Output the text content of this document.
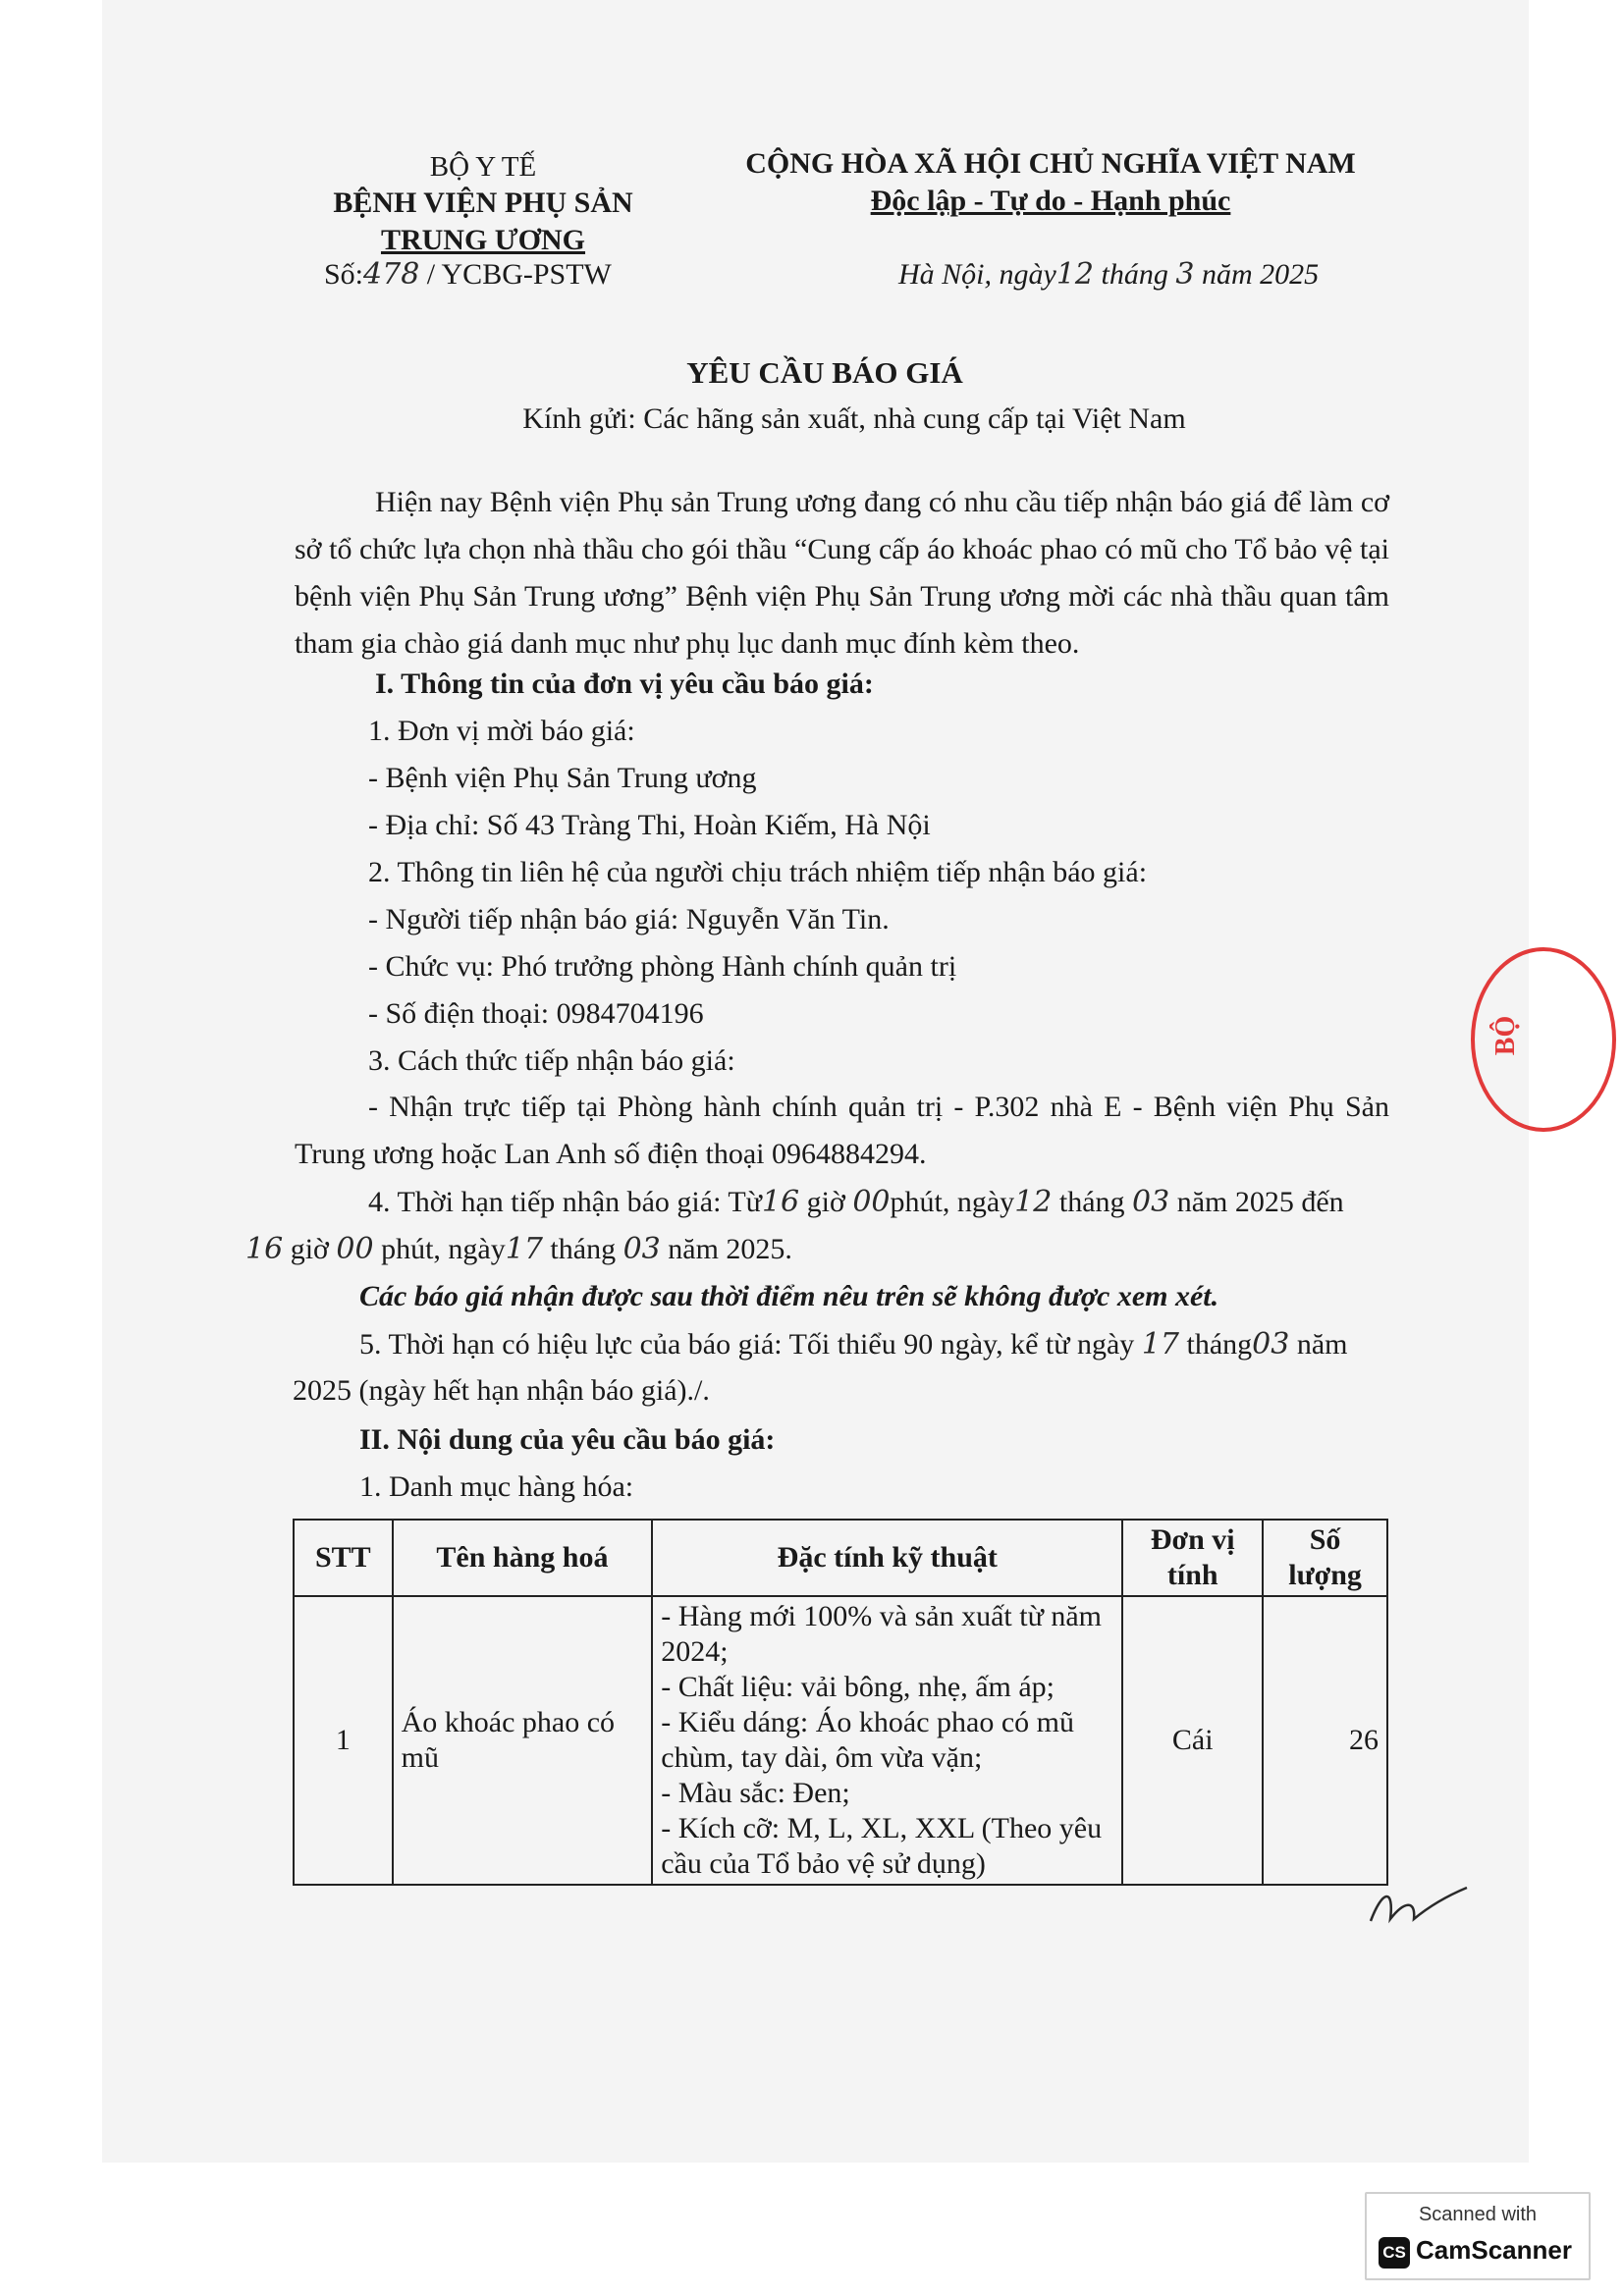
BỘ Y TẾ
BỆNH VIỆN PHỤ SẢN
TRUNG ƯƠNG
Số:478 / YCBG-PSTW
CỘNG HÒA XÃ HỘI CHỦ NGHĨA VIỆT NAM
Độc lập - Tự do - Hạnh phúc
Hà Nội, ngày12 tháng 3 năm 2025
YÊU CẦU BÁO GIÁ
Kính gửi: Các hãng sản xuất, nhà cung cấp tại Việt Nam
Hiện nay Bệnh viện Phụ sản Trung ương đang có nhu cầu tiếp nhận báo giá để làm cơ sở tổ chức lựa chọn nhà thầu cho gói thầu “Cung cấp áo khoác phao có mũ cho Tổ bảo vệ tại bệnh viện Phụ Sản Trung ương” Bệnh viện Phụ Sản Trung ương mời các nhà thầu quan tâm tham gia chào giá danh mục như phụ lục danh mục đính kèm theo.
I. Thông tin của đơn vị yêu cầu báo giá:
1. Đơn vị mời báo giá:
- Bệnh viện Phụ Sản Trung ương
- Địa chỉ: Số 43 Tràng Thi, Hoàn Kiếm, Hà Nội
2. Thông tin liên hệ của người chịu trách nhiệm tiếp nhận báo giá:
- Người tiếp nhận báo giá: Nguyễn Văn Tin.
- Chức vụ: Phó trưởng phòng Hành chính quản trị
- Số điện thoại: 0984704196
3. Cách thức tiếp nhận báo giá:
- Nhận trực tiếp tại Phòng hành chính quản trị - P.302 nhà E - Bệnh viện Phụ Sản Trung ương hoặc Lan Anh số điện thoại 0964884294.
4. Thời hạn tiếp nhận báo giá: Từ16 giờ 00phút, ngày12 tháng 03 năm 2025 đến
16 giờ 00 phút, ngày17 tháng 03 năm 2025.
Các báo giá nhận được sau thời điểm nêu trên sẽ không được xem xét.
5. Thời hạn có hiệu lực của báo giá: Tối thiểu 90 ngày, kể từ ngày 17 tháng03 năm
2025 (ngày hết hạn nhận báo giá)./.
II. Nội dung của yêu cầu báo giá:
1. Danh mục hàng hóa:
STT	Tên hàng hoá	Đặc tính kỹ thuật	Đơn vị tính	Số lượng
1	Áo khoác phao có mũ	- Hàng mới 100% và sản xuất từ năm 2024;
- Chất liệu: vải bông, nhẹ, ấm áp;
- Kiểu dáng: Áo khoác phao có mũ chùm, tay dài, ôm vừa vặn;
- Màu sắc: Đen;
- Kích cỡ: M, L, XL, XXL (Theo yêu cầu của Tổ bảo vệ sử dụng)	Cái	26
BỘ
Scanned with
CS CamScanner
